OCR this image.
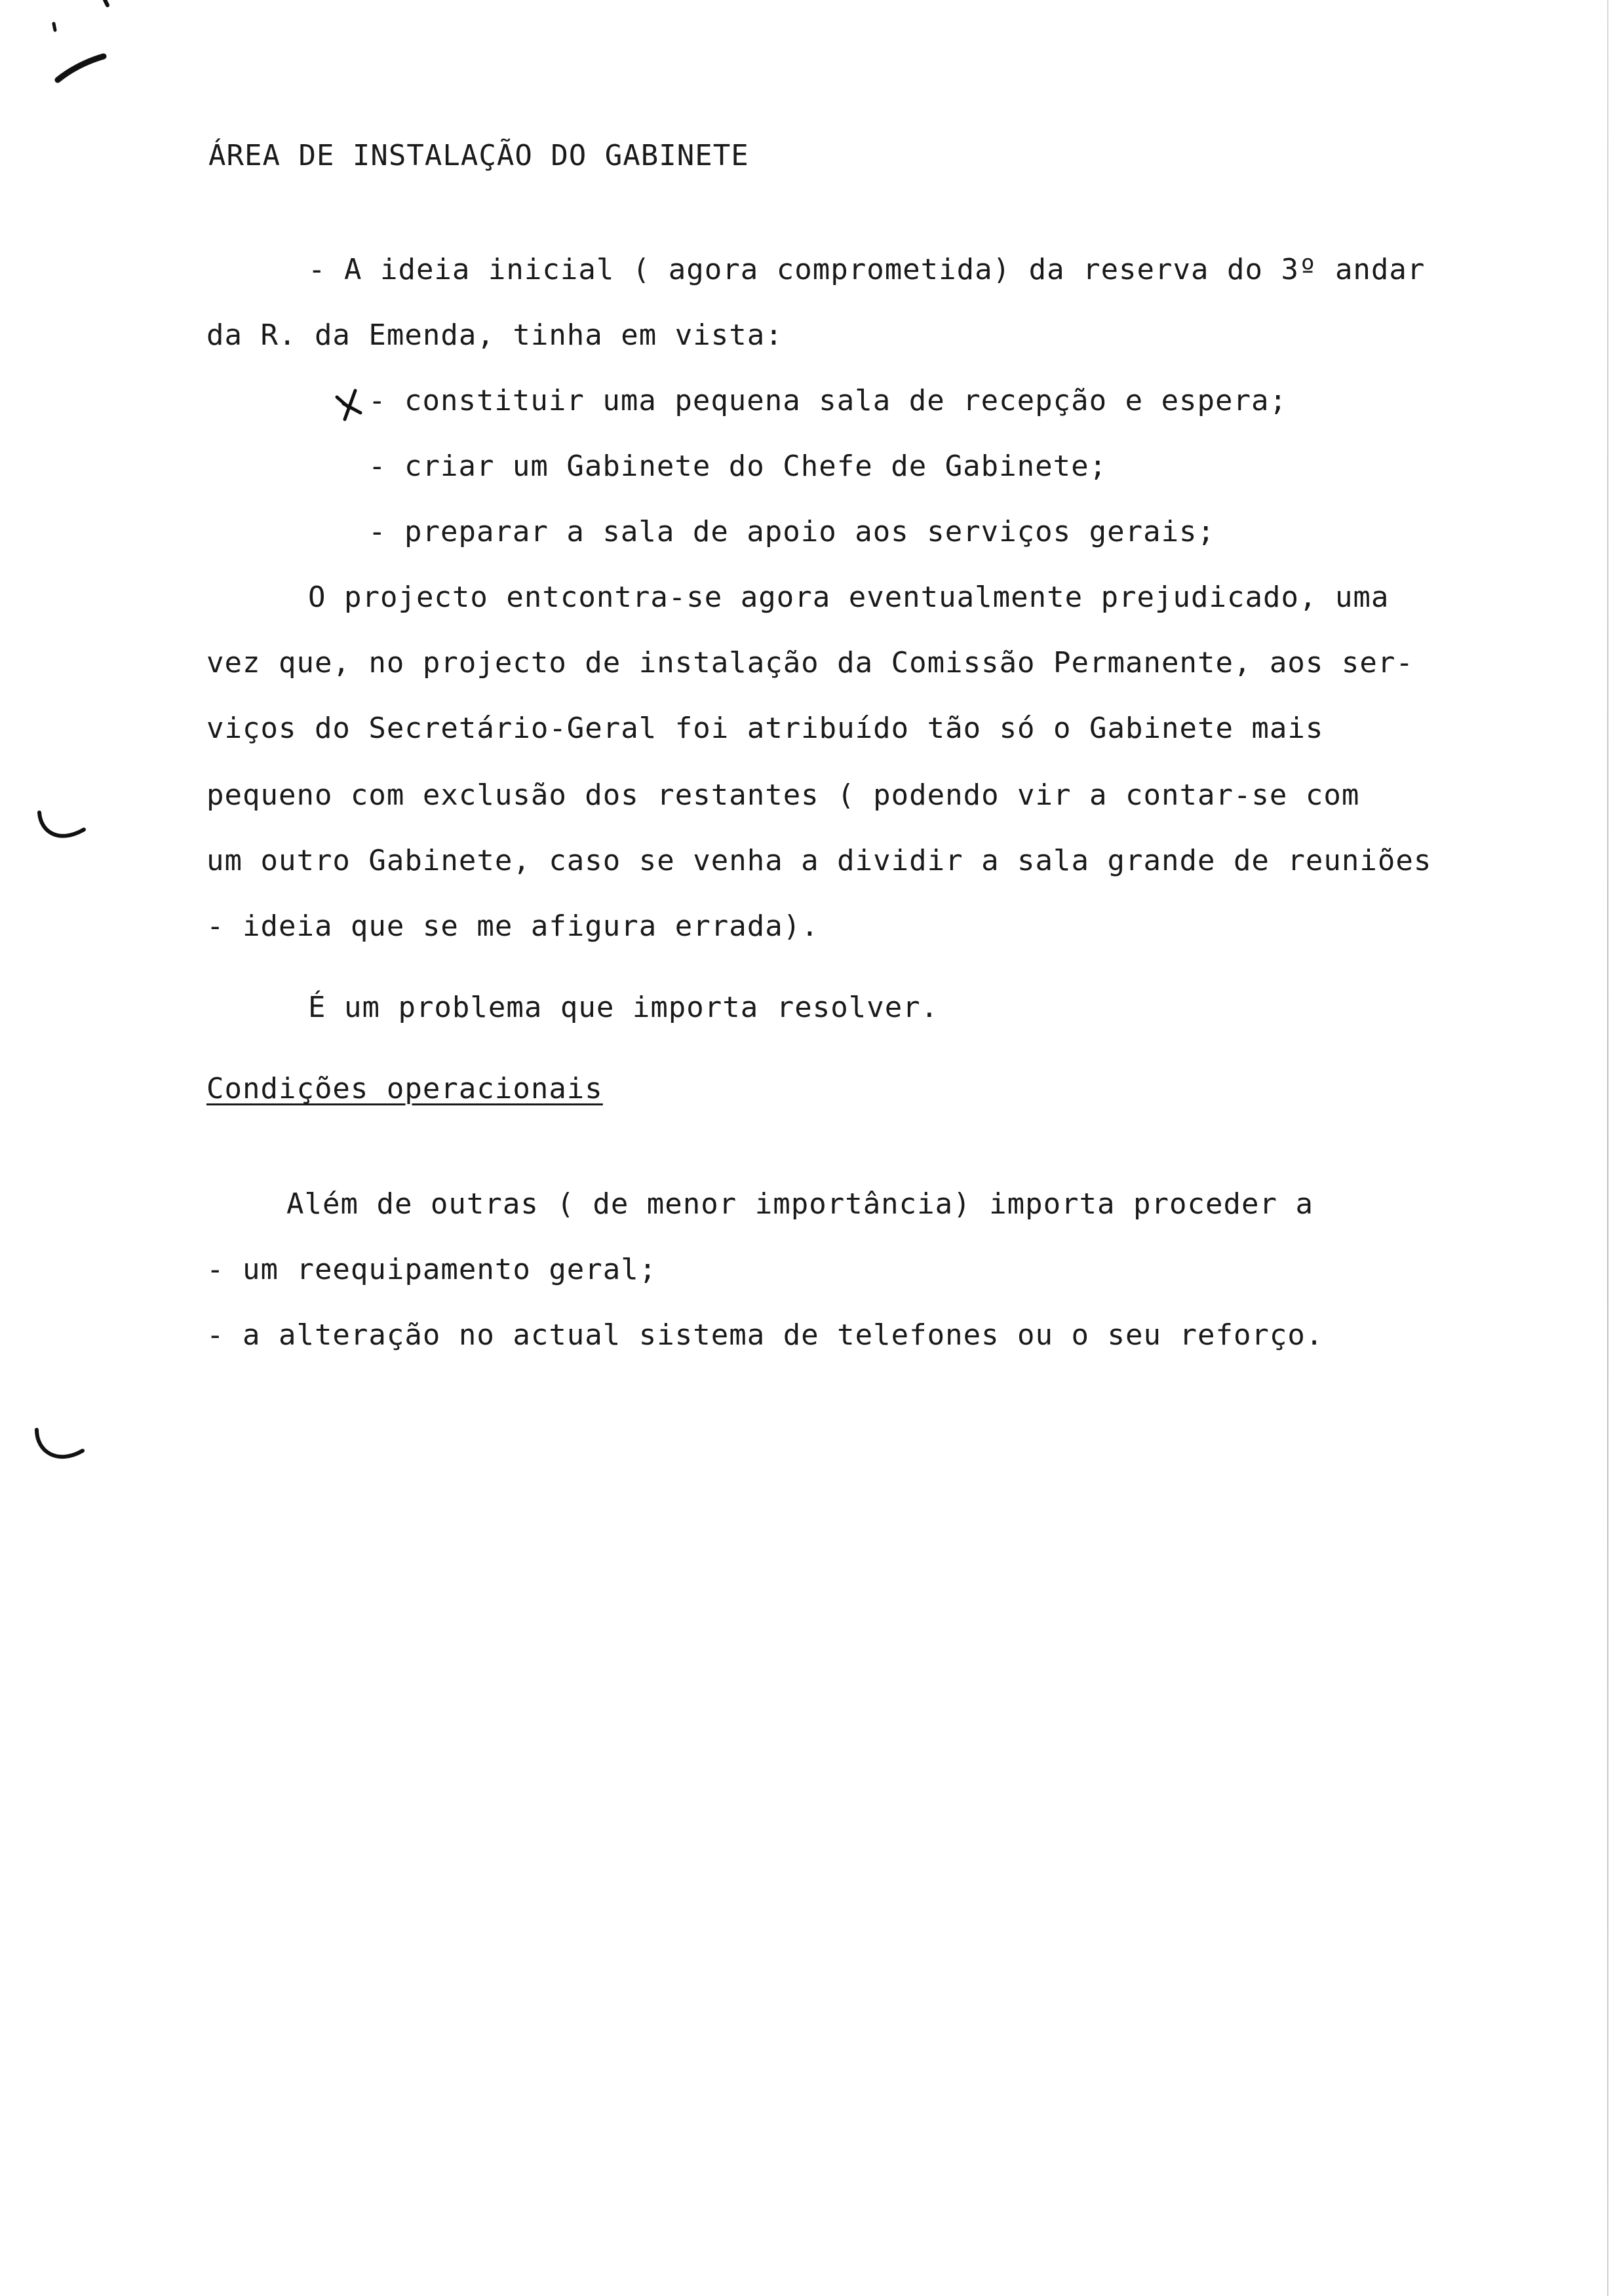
ÁREA DE INSTALAÇÃO DO GABINETE
- A ideia inicial ( agora comprometida) da reserva do 3º andar
da R. da Emenda, tinha em vista:
- constituir uma pequena sala de recepção e espera;
- criar um Gabinete do Chefe de Gabinete;
- preparar a sala de apoio aos serviços gerais;
O projecto entcontra-se agora eventualmente prejudicado, uma
vez que, no projecto de instalação da Comissão Permanente, aos ser-
viços do Secretário-Geral foi atribuído tão só o Gabinete mais
pequeno com exclusão dos restantes ( podendo vir a contar-se com
um outro Gabinete, caso se venha a dividir a sala grande de reuniões
- ideia que se me afigura errada).
É um problema que importa resolver.
Condições operacionais
Além de outras ( de menor importância) importa proceder a
- um reequipamento geral;
- a alteração no actual sistema de telefones ou o seu reforço.
